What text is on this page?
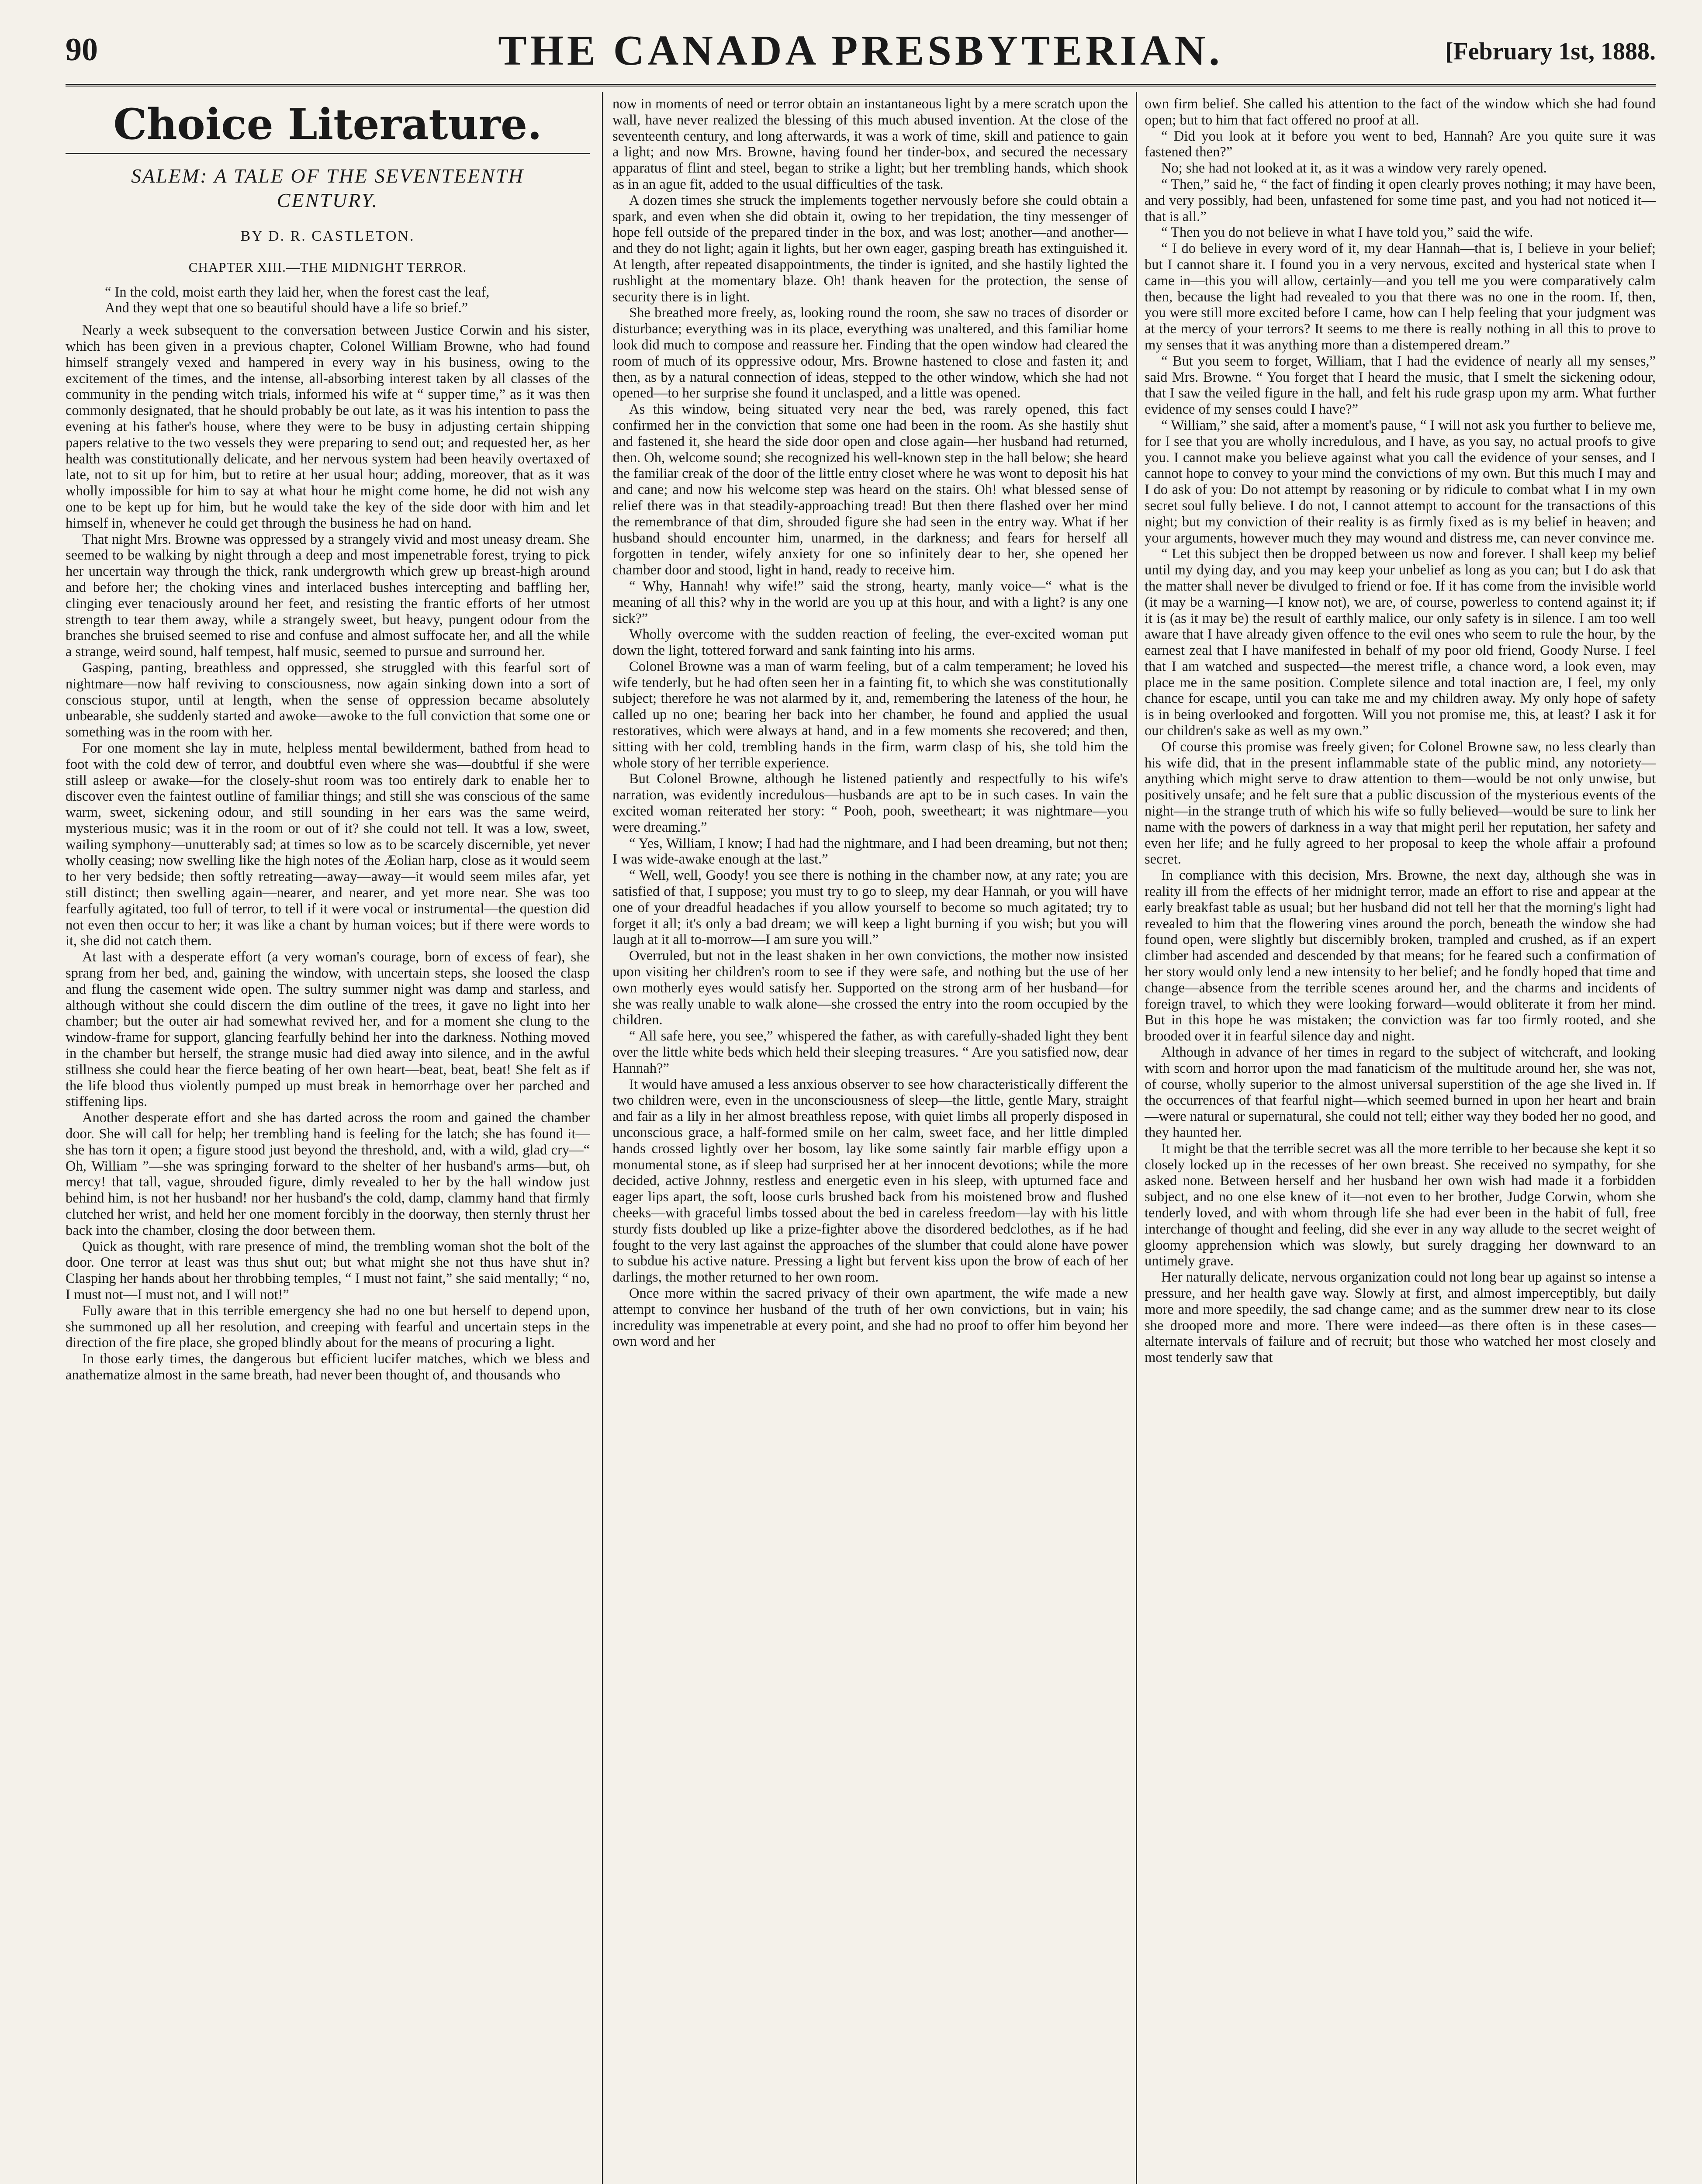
90	THE CANADA PRESBYTERIAN.	[February 1st, 1888.
Choice Literature.
SALEM: A TALE OF THE SEVENTEENTH CENTURY.
BY D. R. CASTLETON.
CHAPTER XIII.—THE MIDNIGHT TERROR.
“ In the cold, moist earth they laid her, when the forest cast the leaf,
And they wept that one so beautiful should have a life so brief.”

Nearly a week subsequent to the conversation between Justice Corwin and his sister, which has been given in a previous chapter, Colonel William Browne, who had found himself strangely vexed and hampered in every way in his business, owing to the excitement of the times, and the intense, all-absorbing interest taken by all classes of the community in the pending witch trials, informed his wife at “ supper time,” as it was then commonly designated, that he should probably be out late, as it was his intention to pass the evening at his father's house, where they were to be busy in adjusting certain shipping papers relative to the two vessels they were preparing to send out; and requested her, as her health was constitutionally delicate, and her nervous system had been heavily overtaxed of late, not to sit up for him, but to retire at her usual hour; adding, moreover, that as it was wholly impossible for him to say at what hour he might come home, he did not wish any one to be kept up for him, but he would take the key of the side door with him and let himself in, whenever he could get through the business he had on hand.

That night Mrs. Browne was oppressed by a strangely vivid and most uneasy dream. She seemed to be walking by night through a deep and most impenetrable forest, trying to pick her uncertain way through the thick, rank undergrowth which grew up breast-high around and before her; the choking vines and interlaced bushes intercepting and baffling her, clinging ever tenaciously around her feet, and resisting the frantic efforts of her utmost strength to tear them away, while a strangely sweet, but heavy, pungent odour from the branches she bruised seemed to rise and confuse and almost suffocate her, and all the while a strange, weird sound, half tempest, half music, seemed to pursue and surround her.

Gasping, panting, breathless and oppressed, she struggled with this fearful sort of nightmare—now half reviving to consciousness, now again sinking down into a sort of conscious stupor, until at length, when the sense of oppression became absolutely unbearable, she suddenly started and awoke—awoke to the full conviction that some one or something was in the room with her.

For one moment she lay in mute, helpless mental bewilderment, bathed from head to foot with the cold dew of terror, and doubtful even where she was—doubtful if she were still asleep or awake—for the closely-shut room was too entirely dark to enable her to discover even the faintest outline of familiar things; and still she was conscious of the same warm, sweet, sickening odour, and still sounding in her ears was the same weird, mysterious music; was it in the room or out of it? she could not tell. It was a low, sweet, wailing symphony—unutterably sad; at times so low as to be scarcely discernible, yet never wholly ceasing; now swelling like the high notes of the Æolian harp, close as it would seem to her very bedside; then softly retreating—away—away—it would seem miles afar, yet still distinct; then swelling again—nearer, and nearer, and yet more near. She was too fearfully agitated, too full of terror, to tell if it were vocal or instrumental—the question did not even then occur to her; it was like a chant by human voices; but if there were words to it, she did not catch them.

At last with a desperate effort (a very woman's courage, born of excess of fear), she sprang from her bed, and, gaining the window, with uncertain steps, she loosed the clasp and flung the casement wide open. The sultry summer night was damp and starless, and although without she could discern the dim outline of the trees, it gave no light into her chamber; but the outer air had somewhat revived her, and for a moment she clung to the window-frame for support, glancing fearfully behind her into the darkness. Nothing moved in the chamber but herself, the strange music had died away into silence, and in the awful stillness she could hear the fierce beating of her own heart—beat, beat, beat! She felt as if the life blood thus violently pumped up must break in hemorrhage over her parched and stiffening lips.

Another desperate effort and she has darted across the room and gained the chamber door. She will call for help; her trembling hand is feeling for the latch; she has found it—she has torn it open; a figure stood just beyond the threshold, and, with a wild, glad cry—“ Oh, William ”—she was springing forward to the shelter of her husband's arms—but, oh mercy! that tall, vague, shrouded figure, dimly revealed to her by the hall window just behind him, is not her husband! nor her husband's the cold, damp, clammy hand that firmly clutched her wrist, and held her one moment forcibly in the doorway, then sternly thrust her back into the chamber, closing the door between them.

Quick as thought, with rare presence of mind, the trembling woman shot the bolt of the door. One terror at least was thus shut out; but what might she not thus have shut in? Clasping her hands about her throbbing temples, “ I must not faint,” she said mentally; “ no, I must not—I must not, and I will not!”

Fully aware that in this terrible emergency she had no one but herself to depend upon, she summoned up all her resolution, and creeping with fearful and uncertain steps in the direction of the fire place, she groped blindly about for the means of procuring a light.

In those early times, the dangerous but efficient lucifer matches, which we bless and anathematize almost in the same breath, had never been thought of, and thousands who

now in moments of need or terror obtain an instantaneous light by a mere scratch upon the wall, have never realized the blessing of this much abused invention. At the close of the seventeenth century, and long afterwards, it was a work of time, skill and patience to gain a light; and now Mrs. Browne, having found her tinder-box, and secured the necessary apparatus of flint and steel, began to strike a light; but her trembling hands, which shook as in an ague fit, added to the usual difficulties of the task.

A dozen times she struck the implements together nervously before she could obtain a spark, and even when she did obtain it, owing to her trepidation, the tiny messenger of hope fell outside of the prepared tinder in the box, and was lost; another—and another—and they do not light; again it lights, but her own eager, gasping breath has extinguished it. At length, after repeated disappointments, the tinder is ignited, and she hastily lighted the rushlight at the momentary blaze. Oh! thank heaven for the protection, the sense of security there is in light.

She breathed more freely, as, looking round the room, she saw no traces of disorder or disturbance; everything was in its place, everything was unaltered, and this familiar home look did much to compose and reassure her. Finding that the open window had cleared the room of much of its oppressive odour, Mrs. Browne hastened to close and fasten it; and then, as by a natural connection of ideas, stepped to the other window, which she had not opened—to her surprise she found it unclasped, and a little was opened.

As this window, being situated very near the bed, was rarely opened, this fact confirmed her in the conviction that some one had been in the room. As she hastily shut and fastened it, she heard the side door open and close again—her husband had returned, then. Oh, welcome sound; she recognized his well-known step in the hall below; she heard the familiar creak of the door of the little entry closet where he was wont to deposit his hat and cane; and now his welcome step was heard on the stairs. Oh! what blessed sense of relief there was in that steadily-approaching tread! But then there flashed over her mind the remembrance of that dim, shrouded figure she had seen in the entry way. What if her husband should encounter him, unarmed, in the darkness; and fears for herself all forgotten in tender, wifely anxiety for one so infinitely dear to her, she opened her chamber door and stood, light in hand, ready to receive him.

“ Why, Hannah! why wife!” said the strong, hearty, manly voice—“ what is the meaning of all this? why in the world are you up at this hour, and with a light? is any one sick?”

Wholly overcome with the sudden reaction of feeling, the ever-excited woman put down the light, tottered forward and sank fainting into his arms.

Colonel Browne was a man of warm feeling, but of a calm temperament; he loved his wife tenderly, but he had often seen her in a fainting fit, to which she was constitutionally subject; therefore he was not alarmed by it, and, remembering the lateness of the hour, he called up no one; bearing her back into her chamber, he found and applied the usual restoratives, which were always at hand, and in a few moments she recovered; and then, sitting with her cold, trembling hands in the firm, warm clasp of his, she told him the whole story of her terrible experience.

But Colonel Browne, although he listened patiently and respectfully to his wife's narration, was evidently incredulous—husbands are apt to be in such cases. In vain the excited woman reiterated her story: “ Pooh, pooh, sweetheart; it was nightmare—you were dreaming.”

“ Yes, William, I know; I had had the nightmare, and I had been dreaming, but not then; I was wide-awake enough at the last.”

“ Well, well, Goody! you see there is nothing in the chamber now, at any rate; you are satisfied of that, I suppose; you must try to go to sleep, my dear Hannah, or you will have one of your dreadful headaches if you allow yourself to become so much agitated; try to forget it all; it's only a bad dream; we will keep a light burning if you wish; but you will laugh at it all to-morrow—I am sure you will.”

Overruled, but not in the least shaken in her own convictions, the mother now insisted upon visiting her children's room to see if they were safe, and nothing but the use of her own motherly eyes would satisfy her. Supported on the strong arm of her husband—for she was really unable to walk alone—she crossed the entry into the room occupied by the children.

“ All safe here, you see,” whispered the father, as with carefully-shaded light they bent over the little white beds which held their sleeping treasures. “ Are you satisfied now, dear Hannah?”

It would have amused a less anxious observer to see how characteristically different the two children were, even in the unconsciousness of sleep—the little, gentle Mary, straight and fair as a lily in her almost breathless repose, with quiet limbs all properly disposed in unconscious grace, a half-formed smile on her calm, sweet face, and her little dimpled hands crossed lightly over her bosom, lay like some saintly fair marble effigy upon a monumental stone, as if sleep had surprised her at her innocent devotions; while the more decided, active Johnny, restless and energetic even in his sleep, with upturned face and eager lips apart, the soft, loose curls brushed back from his moistened brow and flushed cheeks—with graceful limbs tossed about the bed in careless freedom—lay with his little sturdy fists doubled up like a prize-fighter above the disordered bedclothes, as if he had fought to the very last against the approaches of the slumber that could alone have power to subdue his active nature. Pressing a light but fervent kiss upon the brow of each of her darlings, the mother returned to her own room.

Once more within the sacred privacy of their own apartment, the wife made a new attempt to convince her husband of the truth of her own convictions, but in vain; his incredulity was impenetrable at every point, and she had no proof to offer him beyond her own word and her

own firm belief. She called his attention to the fact of the window which she had found open; but to him that fact offered no proof at all.

“ Did you look at it before you went to bed, Hannah? Are you quite sure it was fastened then?”

No; she had not looked at it, as it was a window very rarely opened.

“ Then,” said he, “ the fact of finding it open clearly proves nothing; it may have been, and very possibly, had been, unfastened for some time past, and you had not noticed it—that is all.”

“ Then you do not believe in what I have told you,” said the wife.

“ I do believe in every word of it, my dear Hannah—that is, I believe in your belief; but I cannot share it. I found you in a very nervous, excited and hysterical state when I came in—this you will allow, certainly—and you tell me you were comparatively calm then, because the light had revealed to you that there was no one in the room. If, then, you were still more excited before I came, how can I help feeling that your judgment was at the mercy of your terrors? It seems to me there is really nothing in all this to prove to my senses that it was anything more than a distempered dream.”

“ But you seem to forget, William, that I had the evidence of nearly all my senses,” said Mrs. Browne. “ You forget that I heard the music, that I smelt the sickening odour, that I saw the veiled figure in the hall, and felt his rude grasp upon my arm. What further evidence of my senses could I have?”

“ William,” she said, after a moment's pause, “ I will not ask you further to believe me, for I see that you are wholly incredulous, and I have, as you say, no actual proofs to give you. I cannot make you believe against what you call the evidence of your senses, and I cannot hope to convey to your mind the convictions of my own. But this much I may and I do ask of you: Do not attempt by reasoning or by ridicule to combat what I in my own secret soul fully believe. I do not, I cannot attempt to account for the transactions of this night; but my conviction of their reality is as firmly fixed as is my belief in heaven; and your arguments, however much they may wound and distress me, can never convince me.

“ Let this subject then be dropped between us now and forever. I shall keep my belief until my dying day, and you may keep your unbelief as long as you can; but I do ask that the matter shall never be divulged to friend or foe. If it has come from the invisible world (it may be a warning—I know not), we are, of course, powerless to contend against it; if it is (as it may be) the result of earthly malice, our only safety is in silence. I am too well aware that I have already given offence to the evil ones who seem to rule the hour, by the earnest zeal that I have manifested in behalf of my poor old friend, Goody Nurse. I feel that I am watched and suspected—the merest trifle, a chance word, a look even, may place me in the same position. Complete silence and total inaction are, I feel, my only chance for escape, until you can take me and my children away. My only hope of safety is in being overlooked and forgotten. Will you not promise me, this, at least? I ask it for our children's sake as well as my own.”

Of course this promise was freely given; for Colonel Browne saw, no less clearly than his wife did, that in the present inflammable state of the public mind, any notoriety—anything which might serve to draw attention to them—would be not only unwise, but positively unsafe; and he felt sure that a public discussion of the mysterious events of the night—in the strange truth of which his wife so fully believed—would be sure to link her name with the powers of darkness in a way that might peril her reputation, her safety and even her life; and he fully agreed to her proposal to keep the whole affair a profound secret.

In compliance with this decision, Mrs. Browne, the next day, although she was in reality ill from the effects of her midnight terror, made an effort to rise and appear at the early breakfast table as usual; but her husband did not tell her that the morning's light had revealed to him that the flowering vines around the porch, beneath the window she had found open, were slightly but discernibly broken, trampled and crushed, as if an expert climber had ascended and descended by that means; for he feared such a confirmation of her story would only lend a new intensity to her belief; and he fondly hoped that time and change—absence from the terrible scenes around her, and the charms and incidents of foreign travel, to which they were looking forward—would obliterate it from her mind. But in this hope he was mistaken; the conviction was far too firmly rooted, and she brooded over it in fearful silence day and night.

Although in advance of her times in regard to the subject of witchcraft, and looking with scorn and horror upon the mad fanaticism of the multitude around her, she was not, of course, wholly superior to the almost universal superstition of the age she lived in. If the occurrences of that fearful night—which seemed burned in upon her heart and brain—were natural or supernatural, she could not tell; either way they boded her no good, and they haunted her.

It might be that the terrible secret was all the more terrible to her because she kept it so closely locked up in the recesses of her own breast. She received no sympathy, for she asked none. Between herself and her husband her own wish had made it a forbidden subject, and no one else knew of it—not even to her brother, Judge Corwin, whom she tenderly loved, and with whom through life she had ever been in the habit of full, free interchange of thought and feeling, did she ever in any way allude to the secret weight of gloomy apprehension which was slowly, but surely dragging her downward to an untimely grave.

Her naturally delicate, nervous organization could not long bear up against so intense a pressure, and her health gave way. Slowly at first, and almost imperceptibly, but daily more and more speedily, the sad change came; and as the summer drew near to its close she drooped more and more. There were indeed—as there often is in these cases—alternate intervals of failure and of recruit; but those who watched her most closely and most tenderly saw that
